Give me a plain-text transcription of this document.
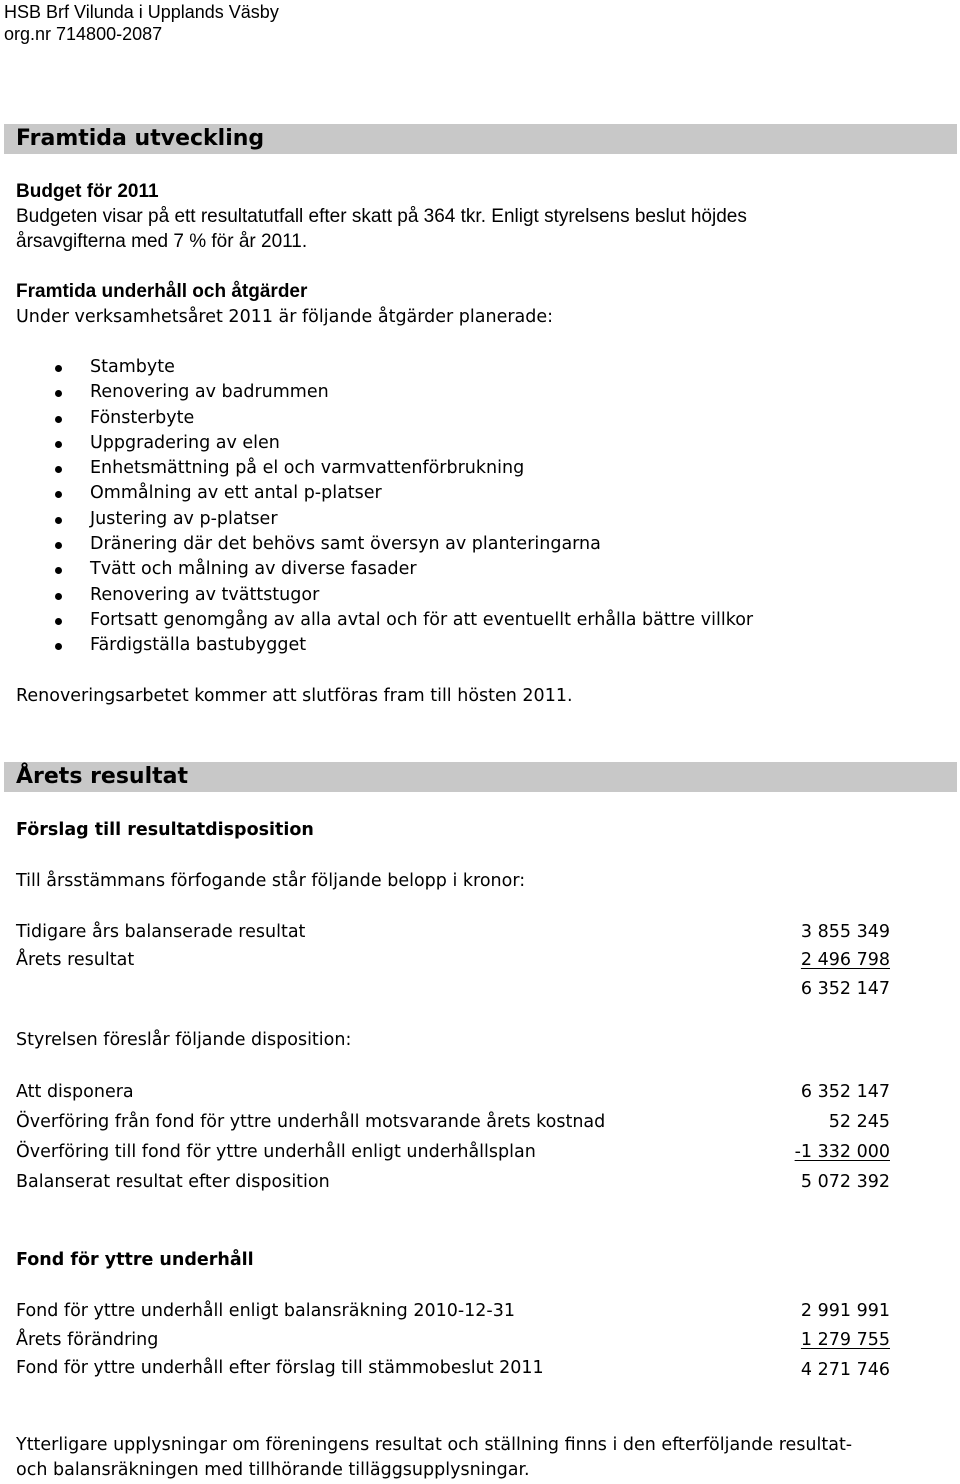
HSB Brf Vilunda i Upplands Väsby
org.nr 714800-2087
Framtida utveckling
Budget för 2011
Budgeten visar på ett resultatutfall efter skatt på 364 tkr. Enligt styrelsens beslut höjdes
årsavgifterna med 7 % för år 2011.
Framtida underhåll och åtgärder
Under verksamhetsåret 2011 är följande åtgärder planerade:
Stambyte
Renovering av badrummen
Fönsterbyte
Uppgradering av elen
Enhetsmättning på el och varmvattenförbrukning
Ommålning av ett antal p-platser
Justering av p-platser
Dränering där det behövs samt översyn av planteringarna
Tvätt och målning av diverse fasader
Renovering av tvättstugor
Fortsatt genomgång av alla avtal och för att eventuellt erhålla bättre villkor
Färdigställa bastubygget
Renoveringsarbetet kommer att slutföras fram till hösten 2011.
Årets resultat
Förslag till resultatdisposition
Till årsstämmans förfogande står följande belopp i kronor:
Tidigare års balanserade resultat	3 855 349
Årets resultat	2 496 798
6 352 147
Styrelsen föreslår följande disposition:
Att disponera	6 352 147
Överföring från fond för yttre underhåll motsvarande årets kostnad	52 245
Överföring till fond för yttre underhåll enligt underhållsplan	-1 332 000
Balanserat resultat efter disposition	5 072 392
Fond för yttre underhåll
Fond för yttre underhåll enligt balansräkning 2010-12-31	2 991 991
Årets förändring	1 279 755
Fond för yttre underhåll efter förslag till stämmobeslut 2011	4 271 746
Ytterligare upplysningar om föreningens resultat och ställning finns i den efterföljande resultat-
och balansräkningen med tillhörande tilläggsupplysningar.
